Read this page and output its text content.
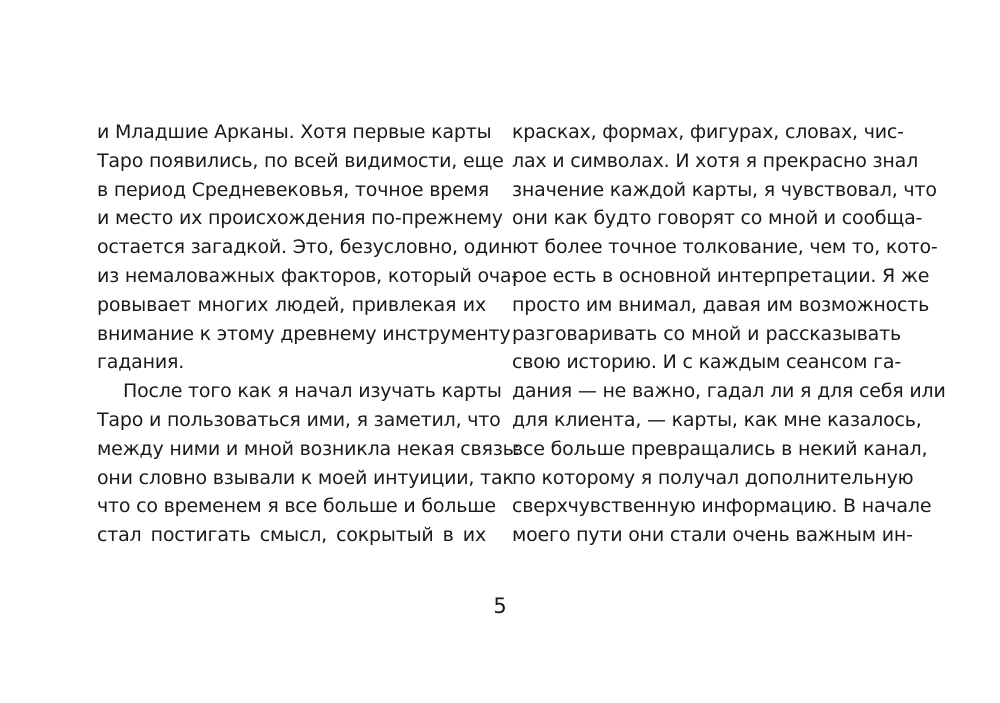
и Младшие Арканы. Хотя первые карты
Таро появились, по всей видимости, еще
в период Средневековья, точное время
и место их происхождения по-прежнему
остается загадкой. Это, безусловно, один
из немаловажных факторов, который оча-
ровывает многих людей, привлекая их
внимание к этому древнему инструменту
гадания.
После того как я начал изучать карты
Таро и пользоваться ими, я заметил, что
между ними и мной возникла некая связь:
они словно взывали к моей интуиции, так
что со временем я все больше и больше
стал постигать смысл, сокрытый в их
красках, формах, фигурах, словах, чис-
лах и символах. И хотя я прекрасно знал
значение каждой карты, я чувствовал, что
они как будто говорят со мной и сообща-
ют более точное толкование, чем то, кото-
рое есть в основной интерпретации. Я же
просто им внимал, давая им возможность
разговаривать со мной и рассказывать
свою историю. И с каждым сеансом га-
дания — не важно, гадал ли я для себя или
для клиента, — карты, как мне казалось,
все больше превращались в некий канал,
по которому я получал дополнительную
сверхчувственную информацию. В начале
моего пути они стали очень важным ин-
5
